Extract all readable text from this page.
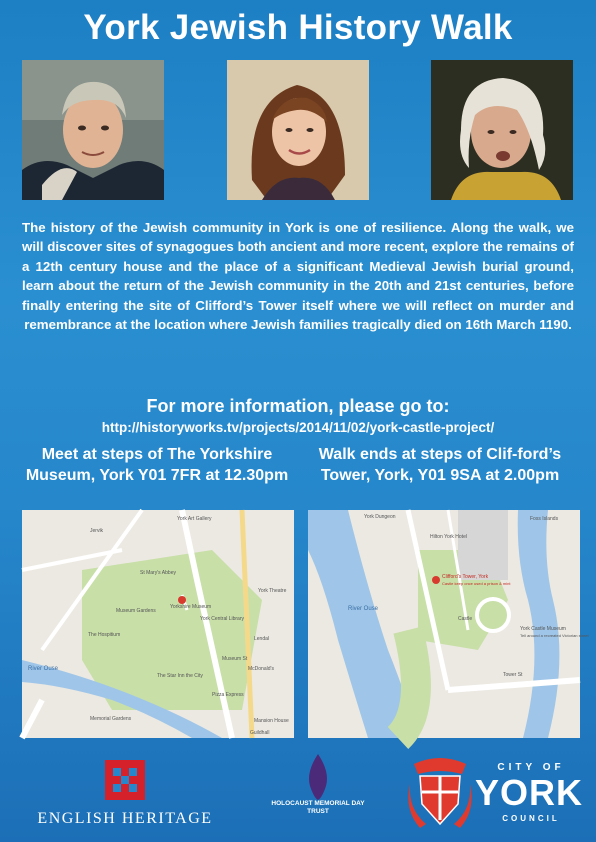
York Jewish History Walk
The history of the Jewish community in York is one of resilience. Along the walk, we will discover sites of synagogues both ancient and more recent, explore the remains of a 12th century house and the place of a significant Medieval Jewish burial ground, learn about the return of the Jewish community in the 20th and 21st centuries, before finally entering the site of Clifford’s Tower itself where we will reflect on murder and remembrance at the location where Jewish families tragically died on 16th March 1190.
For more information, please go to:
http://historyworks.tv/projects/2014/11/02/york-castle-project/
Meet at steps of The Yorkshire Museum, York Y01 7FR at 12.30pm
Walk ends at steps of Clif-ford’s Tower, York, Y01 9SA at 2.00pm
York Art Gallery
Jervik
St Mary's Abbey
Yorkshire Museum
Museum Gardens
The Hospitium
York Central Library
The Star Inn the City
McDonald's
Pizza Express
Memorial Gardens	Mansion House
Guildhall
River Ouse
Lendal
Museum St
York Theatre
York Dungeon
Hilton York Hotel
Clifford's Tower, York
Castle keep once used a prison & mint
York Castle Museum
Tell around a recreated Victorian street
River Ouse
Tower St
Foss Islands
Castle
ENGLISH HERITAGE
HOLOCAUST MEMORIAL DAY TRUST
CITY OF
YORK
COUNCIL
